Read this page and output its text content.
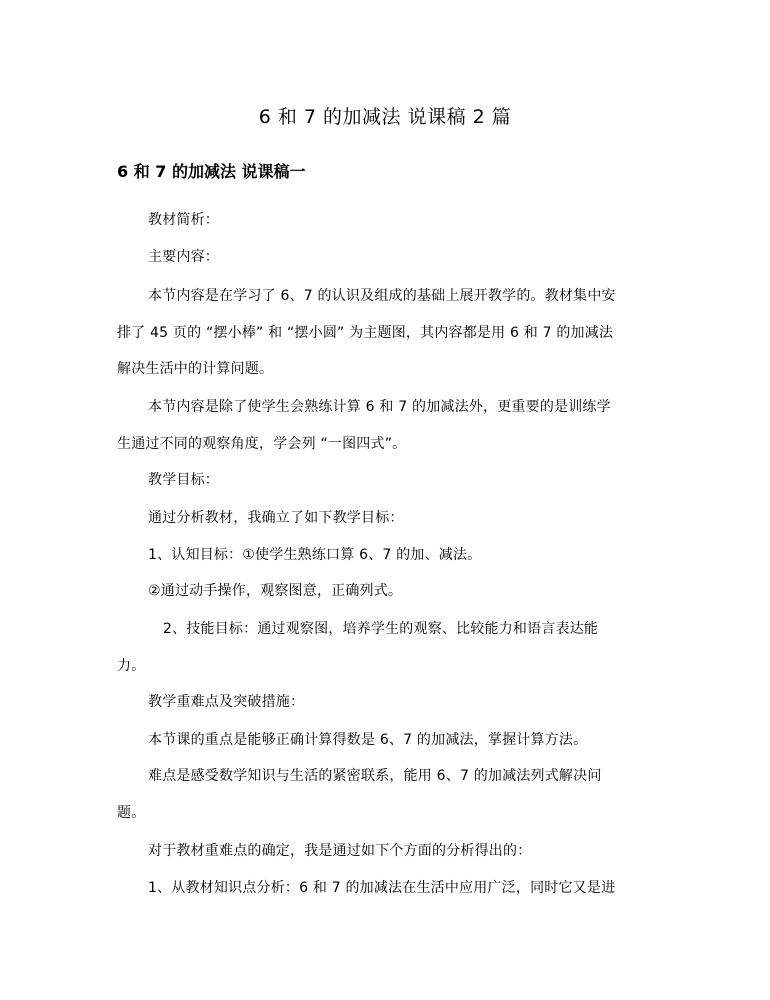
6 和 7 的加减法 说课稿 2 篇
6 和 7 的加减法 说课稿一
教材简析：
主要内容：
本节内容是在学习了 6、7 的认识及组成的基础上展开教学的。教材集中安
排了 45 页的 “摆小棒” 和 “摆小圆” 为主题图，其内容都是用 6 和 7 的加减法
解决生活中的计算问题。
本节内容是除了使学生会熟练计算 6 和 7 的加减法外，更重要的是训练学
生通过不同的观察角度，学会列 “一图四式”。
教学目标：
通过分析教材，我确立了如下教学目标：
1、认知目标：①使学生熟练口算 6、7 的加、减法。
②通过动手操作，观察图意，正确列式。
2、技能目标：通过观察图，培养学生的观察、比较能力和语言表达能
力。
教学重难点及突破措施：
本节课的重点是能够正确计算得数是 6、7 的加减法，掌握计算方法。
难点是感受数学知识与生活的紧密联系，能用 6、7 的加减法列式解决问
题。
对于教材重难点的确定，我是通过如下个方面的分析得出的：
1、从教材知识点分析：6 和 7 的加减法在生活中应用广泛，同时它又是进
